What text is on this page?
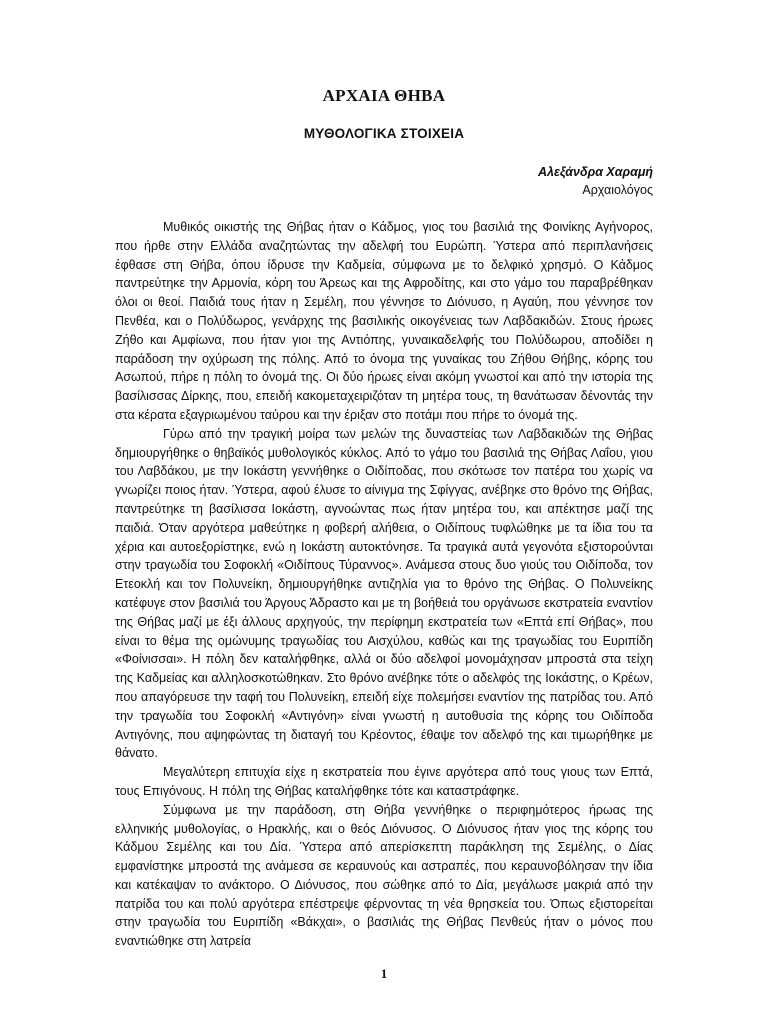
ΑΡΧΑΙΑ ΘΗΒΑ
ΜΥΘΟΛΟΓΙΚΑ ΣΤΟΙΧΕΙΑ
Αλεξάνδρα Χαραμή
Αρχαιολόγος

Μυθικός οικιστής της Θήβας ήταν ο Κάδμος, γιος του βασιλιά της Φοινίκης Αγήνορος, που ήρθε στην Ελλάδα αναζητώντας την αδελφή του Ευρώπη. Ύστερα από περιπλανήσεις έφθασε στη Θήβα, όπου ίδρυσε την Καδμεία, σύμφωνα με το δελφικό χρησμό. Ο Κάδμος παντρεύτηκε την Αρμονία, κόρη του Άρεως και της Αφροδίτης, και στο γάμο του παραβρέθηκαν όλοι οι θεοί. Παιδιά τους ήταν η Σεμέλη, που γέννησε το Διόνυσο, η Αγαύη, που γέννησε τον Πενθέα, και ο Πολύδωρος, γενάρχης της βασιλικής οικογένειας των Λαβδακιδών. Στους ήρωες Ζήθο και Αμφίωνα, που ήταν γιοι της Αντιόπης, γυναικαδελφής του Πολύδωρου, αποδίδει η παράδοση την οχύρωση της πόλης. Από το όνομα της γυναίκας του Ζήθου Θήβης, κόρης του Ασωπού, πήρε η πόλη το όνομά της. Οι δύο ήρωες είναι ακόμη γνωστοί και από την ιστορία της βασίλισσας Δίρκης, που, επειδή κακομεταχειριζόταν τη μητέρα τους, τη θανάτωσαν δένοντάς την στα κέρατα εξαγριωμένου ταύρου και την έριξαν στο ποτάμι που πήρε το όνομά της.

Γύρω από την τραγική μοίρα των μελών της δυναστείας των Λαβδακιδών της Θήβας δημιουργήθηκε ο θηβαϊκός μυθολογικός κύκλος. Από το γάμο του βασιλιά της Θήβας Λαΐου, γιου του Λαβδάκου, με την Ιοκάστη γεννήθηκε ο Οιδίποδας, που σκότωσε τον πατέρα του χωρίς να γνωρίζει ποιος ήταν. Ύστερα, αφού έλυσε το αίνιγμα της Σφίγγας, ανέβηκε στο θρόνο της Θήβας, παντρεύτηκε τη βασίλισσα Ιοκάστη, αγνοώντας πως ήταν μητέρα του, και απέκτησε μαζί της παιδιά. Όταν αργότερα μαθεύτηκε η φοβερή αλήθεια, ο Οιδίπους τυφλώθηκε με τα ίδια του τα χέρια και αυτοεξορίστηκε, ενώ η Ιοκάστη αυτοκτόνησε. Τα τραγικά αυτά γεγονότα εξιστορούνται στην τραγωδία του Σοφοκλή «Οιδίπους Τύραννος». Ανάμεσα στους δυο γιούς του Οιδίποδα, τον Ετεοκλή και τον Πολυνείκη, δημιουργήθηκε αντιζηλία για το θρόνο της Θήβας. Ο Πολυνείκης κατέφυγε στον βασιλιά του Άργους Άδραστο και με τη βοήθειά του οργάνωσε εκστρατεία εναντίον της Θήβας μαζί με έξι άλλους αρχηγούς, την περίφημη εκστρατεία των «Επτά επί Θήβας», που είναι το θέμα της ομώνυμης τραγωδίας του Αισχύλου, καθώς και της τραγωδίας του Ευριπίδη «Φοίνισσαι». Η πόλη δεν καταλήφθηκε, αλλά οι δύο αδελφοί μονομάχησαν μπροστά στα τείχη της Καδμείας και αλληλοσκοτώθηκαν. Στο θρόνο ανέβηκε τότε ο αδελφός της Ιοκάστης, ο Κρέων, που απαγόρευσε την ταφή του Πολυνείκη, επειδή είχε πολεμήσει εναντίον της πατρίδας του. Από την τραγωδία του Σοφοκλή «Αντιγόνη» είναι γνωστή η αυτοθυσία της κόρης του Οιδίποδα Αντιγόνης, που αψηφώντας τη διαταγή του Κρέοντος, έθαψε τον αδελφό της και τιμωρήθηκε με θάνατο.

Μεγαλύτερη επιτυχία είχε η εκστρατεία που έγινε αργότερα από τους γιους των Επτά, τους Επιγόνους. Η πόλη της Θήβας καταλήφθηκε τότε και καταστράφηκε.

Σύμφωνα με την παράδοση, στη Θήβα γεννήθηκε ο περιφημότερος ήρωας της ελληνικής μυθολογίας, ο Ηρακλής, και ο θεός Διόνυσος. Ο Διόνυσος ήταν γιος της κόρης του Κάδμου Σεμέλης και του Δία. Ύστερα από απερίσκεπτη παράκληση της Σεμέλης, ο Δίας εμφανίστηκε μπροστά της ανάμεσα σε κεραυνούς και αστραπές, που κεραυνοβόλησαν την ίδια και κατέκαψαν το ανάκτορο. Ο Διόνυσος, που σώθηκε από το Δία, μεγάλωσε μακριά από την πατρίδα του και πολύ αργότερα επέστρεψε φέρνοντας τη νέα θρησκεία του. Όπως εξιστορείται στην τραγωδία του Ευριπίδη «Βάκχαι», ο βασιλιάς της Θήβας Πενθεύς ήταν ο μόνος που εναντιώθηκε στη λατρεία

1
